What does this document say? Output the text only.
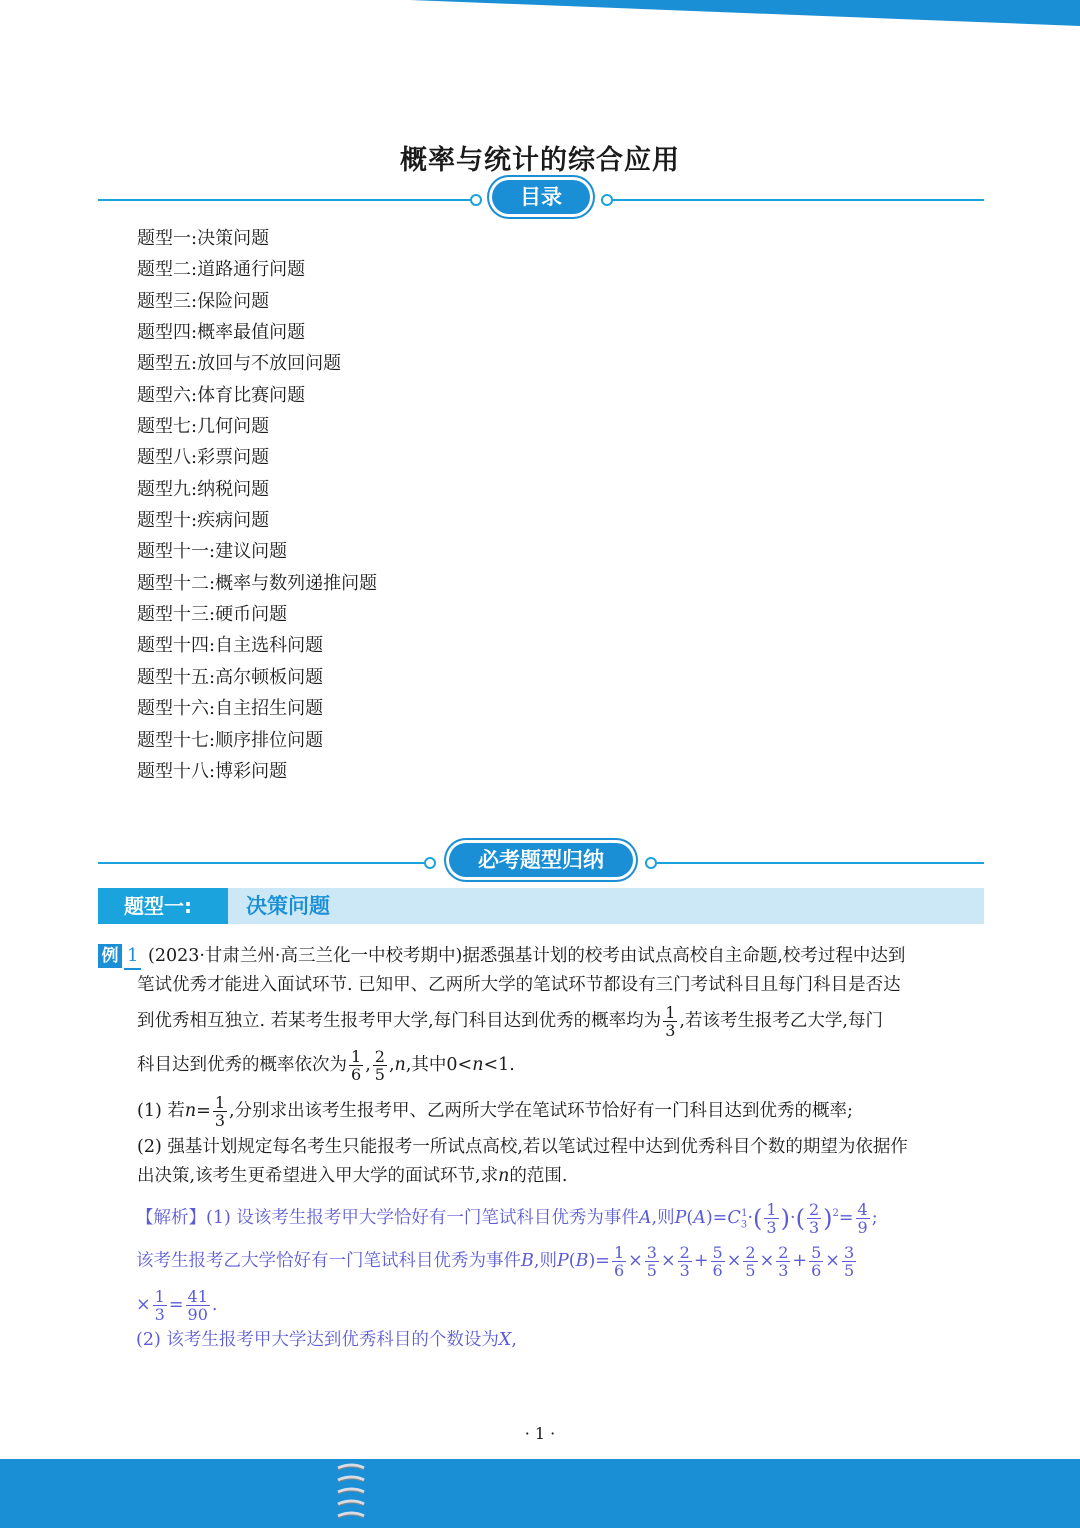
概率与统计的综合应用
目录
题型一:决策问题
题型二:道路通行问题
题型三:保险问题
题型四:概率最值问题
题型五:放回与不放回问题
题型六:体育比赛问题
题型七:几何问题
题型八:彩票问题
题型九:纳税问题
题型十:疾病问题
题型十一:建议问题
题型十二:概率与数列递推问题
题型十三:硬币问题
题型十四:自主选科问题
题型十五:高尔顿板问题
题型十六:自主招生问题
题型十七:顺序排位问题
题型十八:博彩问题
必考题型归纳
题型一:	决策问题
例 1 (2023·甘肃兰州·高三兰化一中校考期中)据悉强基计划的校考由试点高校自主命题,校考过程中达到
笔试优秀才能进入面试环节. 已知甲、乙两所大学的笔试环节都设有三门考试科目且每门科目是否达
到优秀相互独立. 若某考生报考甲大学,每门科目达到优秀的概率均为 $\frac{1}{3}$ ,若该考生报考乙大学,每门
科目达到优秀的概率依次为 $\frac{1}{6}$ , $\frac{2}{5} ,n$,其中0<n<1.
(1) 若$n= \frac{1}{3}$ ,分别求出该考生报考甲、乙两所大学在笔试环节恰好有一门科目达到优秀的概率;
(2) 强基计划规定每名考生只能报考一所试点高校,若以笔试过程中达到优秀科目个数的期望为依据作
出决策,该考生更希望进入甲大学的面试环节,求n的范围.
【解析】(1) 设该考生报考甲大学恰好有一门笔试科目优秀为事件A,则$P(A)=C_3^1\cdot( \frac{1}{3}$ )·( $\frac{2}{3} )^2= \frac{4}{9}$ ;
该考生报考乙大学恰好有一门笔试科目优秀为事件B,则$P(B)= \frac{1}{6} \times \frac{3}{5} \times \frac{2}{3} + \frac{5}{6} \times \frac{2}{5} \times \frac{2}{3} + \frac{5}{6} \times \frac{3}{5}$
× $\frac{1}{3} = \frac{41}{90}$ .
(2) 该考生报考甲大学达到优秀科目的个数设为X,
· 1 ·
